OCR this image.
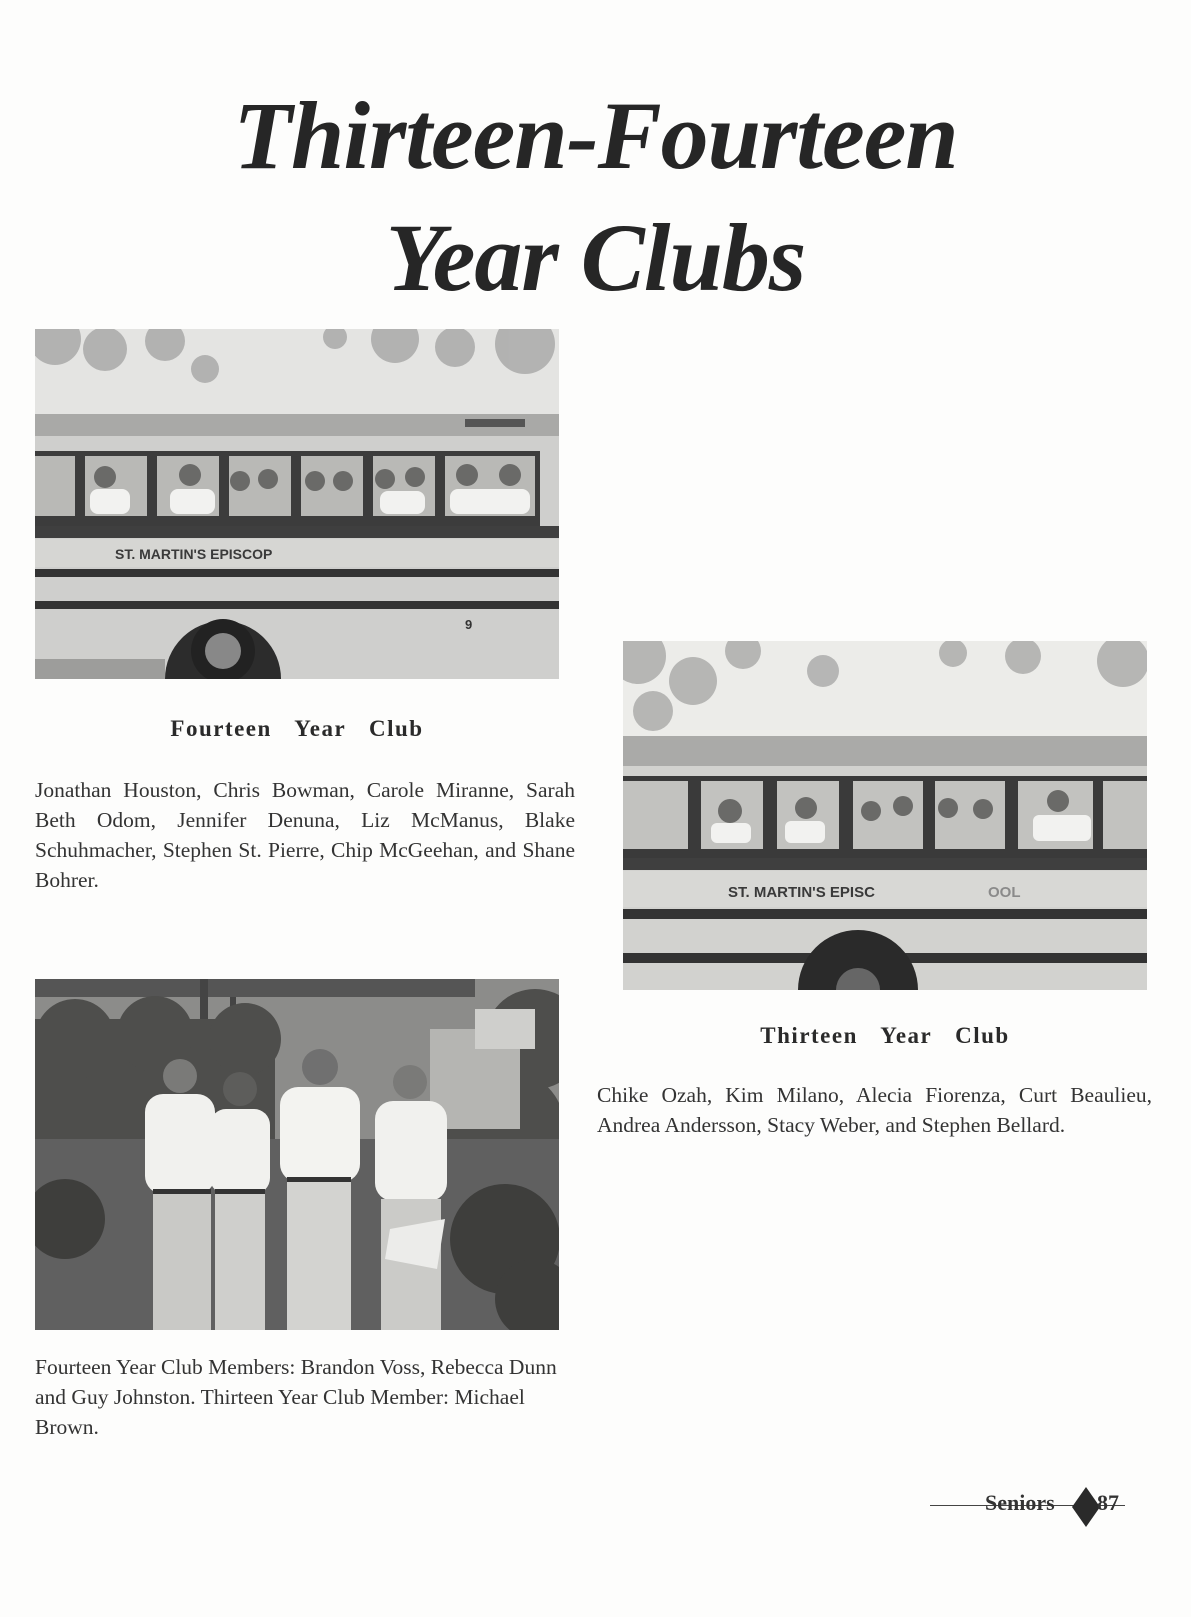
Thirteen-Fourteen
Year Clubs
ST. MARTIN'S EPISCOP
9
Fourteen Year Club

Jonathan Houston, Chris Bowman, Carole Miranne, Sarah Beth Odom, Jennifer Denuna, Liz McManus, Blake Schuhmacher, Stephen St. Pierre, Chip McGeehan, and Shane Bohrer.

ST. MARTIN'S EPISC	OOL
Thirteen Year Club

Chike Ozah, Kim Milano, Alecia Fiorenza, Curt Beaulieu, Andrea Andersson, Stacy Weber, and Stephen Bellard.

Fourteen Year Club Members: Brandon Voss, Rebecca Dunn and Guy Johnston. Thirteen Year Club Member: Michael Brown.

Seniors 87
